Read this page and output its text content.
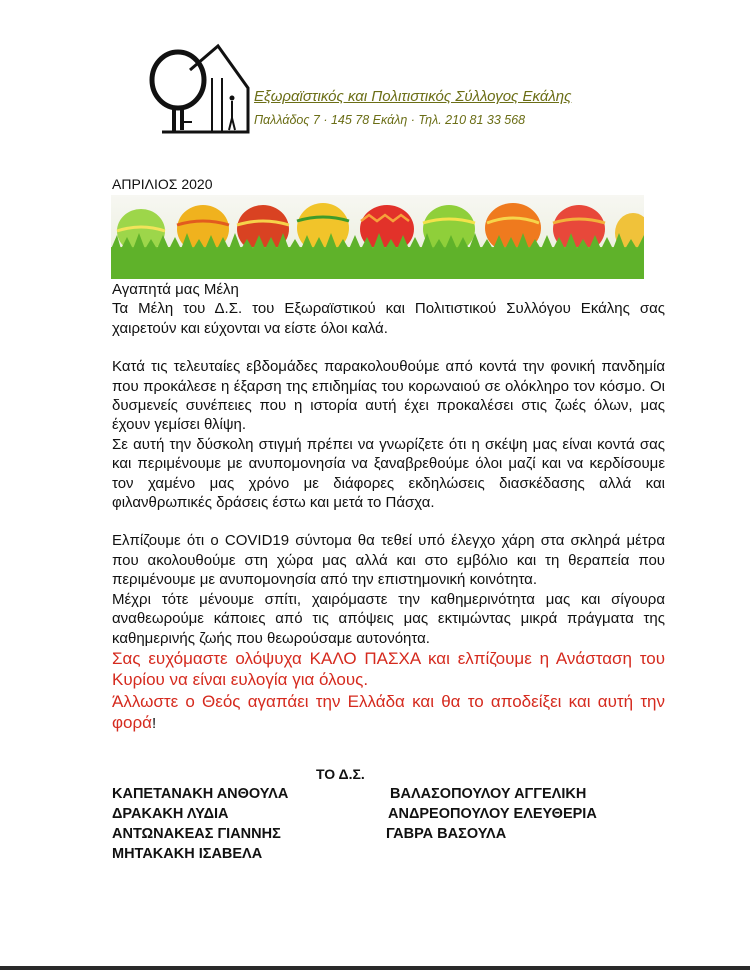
Εξωραϊστικός και Πολιτιστικός Σύλλογος Εκάλης
Παλλάδος 7 · 145 78 Εκάλη · Τηλ. 210 81 33 568
ΑΠΡΙΛΙΟΣ 2020

Αγαπητά μας Μέλη

Τα Μέλη του Δ.Σ. του Εξωραϊστικού και Πολιτιστικού Συλλόγου Εκάλης σας χαιρετούν και εύχονται να είστε όλοι καλά.

Κατά τις τελευταίες εβδομάδες παρακολουθούμε από κοντά την φονική πανδημία που προκάλεσε η έξαρση της επιδημίας του κορωναιού σε ολόκληρο τον κόσμο. Οι δυσμενείς συνέπειες που η ιστορία αυτή έχει προκαλέσει στις ζωές όλων, μας έχουν γεμίσει θλίψη.

Σε αυτή την δύσκολη στιγμή πρέπει να γνωρίζετε ότι η σκέψη μας είναι κοντά σας και περιμένουμε με ανυπομονησία να ξαναβρεθούμε όλοι μαζί και να κερδίσουμε τον χαμένο μας χρόνο με διάφορες εκδηλώσεις διασκέδασης αλλά και φιλανθρωπικές δράσεις έστω και μετά το Πάσχα.

Ελπίζουμε ότι ο COVID19 σύντομα θα τεθεί υπό έλεγχο χάρη στα σκληρά μέτρα που ακολουθούμε στη χώρα μας αλλά και στο εμβόλιο και τη θεραπεία που περιμένουμε με ανυπομονησία από την επιστημονική κοινότητα.

Μέχρι τότε μένουμε σπίτι, χαιρόμαστε την καθημερινότητα μας και σίγουρα αναθεωρούμε κάποιες από τις απόψεις μας εκτιμώντας μικρά πράγματα της καθημερινής ζωής που θεωρούσαμε αυτονόητα.

Σας ευχόμαστε ολόψυχα ΚΑΛΟ ΠΑΣΧΑ και ελπίζουμε η Ανάσταση του Κυρίου να είναι ευλογία για όλους.

Άλλωστε ο Θεός αγαπάει την Ελλάδα και θα το αποδείξει και αυτή την φορά!

ΤΟ Δ.Σ.
ΚΑΠΕΤΑΝΑΚΗ ΑΝΘΟΥΛΑ
ΔΡΑΚΑΚΗ ΛΥΔΙΑ
ΑΝΤΩΝΑΚΕΑΣ ΓΙΑΝΝΗΣ
ΜΗΤΑΚΑΚΗ ΙΣΑΒΕΛΑ
ΒΑΛΑΣΟΠΟΥΛΟΥ ΑΓΓΕΛΙΚΗ
ΑΝΔΡΕΟΠΟΥΛΟΥ ΕΛΕΥΘΕΡΙΑ
ΓΑΒΡΑ ΒΑΣΟΥΛΑ
